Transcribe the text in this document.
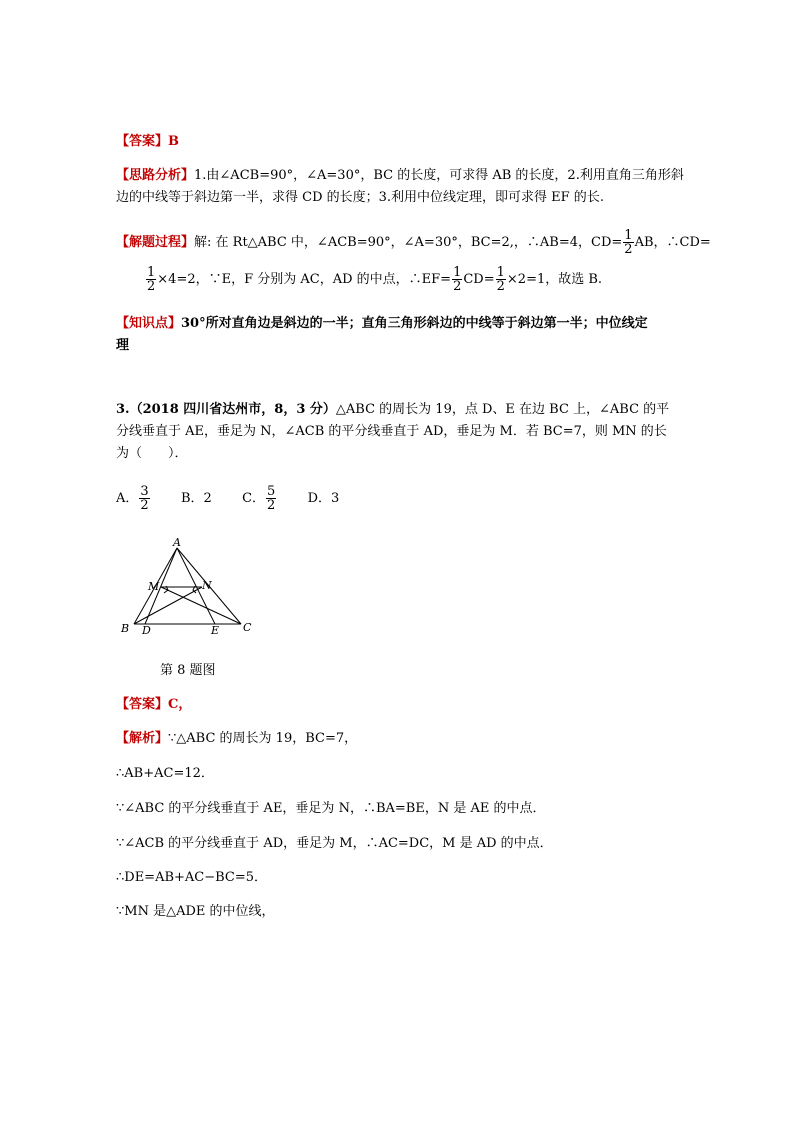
【答案】B
【思路分析】1.由∠ACB=90°，∠A=30°，BC 的长度，可求得 AB 的长度，2.利用直角三角形斜
边的中线等于斜边第一半，求得 CD 的长度；3.利用中位线定理，即可求得 EF 的长.
【解题过程】解: 在 Rt△ABC 中，∠ACB=90°，∠A=30°，BC=2,，∴AB=4，$CD= \frac{1}{2}$ AB，∴CD=
$\frac{1}{2} \times 4=2$，∵E，F 分别为 AC，AD 的中点，∴EF= $\frac{1}{2} CD= \frac{1}{2} \times 2=1$，故选 B.
【知识点】30°所对直角边是斜边的一半；直角三角形斜边的中线等于斜边第一半；中位线定
理
3.（2018 四川省达州市，8，3 分）△ABC 的周长为 19，点 D、E 在边 BC 上，∠ABC 的平
分线垂直于 AE，垂足为 N，∠ACB 的平分线垂直于 AD，垂足为 M．若 BC=7，则 MN 的长
为（　　）．
A． $\frac{3}{2}$ B．2 C． $\frac{5}{2}$ D．3
A
B	C
D	E
M	N
第 8 题图
【答案】C，
【解析】∵△ABC 的周长为 19，BC=7，
∴AB+AC=12．
∵∠ABC 的平分线垂直于 AE，垂足为 N，∴BA=BE，N 是 AE 的中点．
∵∠ACB 的平分线垂直于 AD，垂足为 M，∴AC=DC，M 是 AD 的中点．
∴DE=AB+AC−BC=5．
∵MN 是△ADE 的中位线，
